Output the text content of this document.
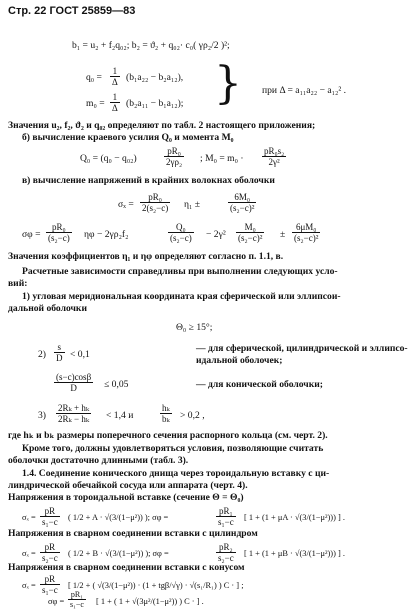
Стр. 22 ГОСТ 25859—83
b₁ = u₂ + f₂q₀₂; b₂ = ϑ₂ + q₀₂· c₀( γρ₂/2 )²;
$q_0 = \frac{1}{\Delta} (b_1a_{22} - b_2a_{12})$,
$m_0 = \frac{1}{\Delta} (b_2a_{11} - b_1a_{12})$; } при Δ = a₁₁a₂₂ − a₁₂² .
Значения u₂, f₂, ϑ₂ и q₀₂ определяют по табл. 2 настоящего приложения;
б) вычисление краевого усилия Q₀ и момента M₀
Q₀ = (q₀ − q₀₂)	$\frac{\text{pR₀}}{\text{2γρ₂}}$ ; $M_0 = m_0 \cdot \frac{\text{pR₀s₂}}{\text{2γ²}}$
в) вычисление напряжений в крайних волокнах оболочки
$\sigma_x = \frac{\text{pR₀}}{\text{2(s₂−c)}} \eta_1$ ±	$\frac{\text{6M₀}}{\text{(s₂−c)²}}$
$\sigma\varphi = \frac{\text{pR₀}}{\text{(s₂−c)}}$ ηφ − 2γρ₂f₂	$\frac{\text{Q₀}}{\text{(s₂−c)}} - 2\gamma^2 \frac{\text{M₀}}{\text{(s₂−c)²}} \pm \frac{\text{6μM₀}}{\text{(s₂−c)²}}$
Значения коэффициентов η₁ и ηφ определяют согласно п. 1.1, в.
Расчетные зависимости справедливы при выполнении следующих усло-
вий:
1) угловая меридиональная координата края сферической или эллипсои-
дальной оболочки
Θ₀ ≥ 15°;
$2) \frac{s}{D} < 0,1$
— для сферической, цилиндрической и эллипсо-
идальной оболочек;
$\frac{(s-c)\cos\beta}{D} \le 0,05$	— для конической оболочки;
$3) \frac{\text{2Rₖ + hₖ}}{\text{2Rₖ − hₖ}} < 1,4$ и	$\frac{\text{hₖ}}{\text{bₖ}} > 0,2$ ,
где hₖ и bₖ размеры поперечного сечения распорного кольца (см. черт. 2).
Кроме того, должны удовлетворяться условия, позволяющие считать
оболочки достаточно длинными (табл. 3).
1.4. Соединение конического днища через тороидальную вставку с ци-
линдрической обечайкой сосуда или аппарата (черт. 4).
Напряжения в тороидальной вставке (сечение Θ = Θ₀)
$\sigma_x = \frac{pR}{\text{s₁−c}}$ ( 1/2 + A · √(3/(1−μ²)) ); σφ =	$\frac{\text{pR₁}}{\text{s₁−c}}$ [ 1 + (1 + μA · √(3/(1−μ²))) ] .
Напряжения в сварном соединении вставки с цилиндром
$\sigma_x = \frac{pR}{\text{s₂−c}}$ ( 1/2 + B · √(3/(1−μ²)) ); σφ =	$\frac{\text{pR₂}}{\text{s₂−c}}$ [ 1 + (1 + μB · √(3/(1−μ²))) ] .
Напряжения в сварном соединении вставки с конусом
$\sigma_x = \frac{pR}{\text{s₁−c}}$ [ 1/2 + ( √(3/(1−μ²)) · (1 + tgβ/√γ) · √(s₁/R₁) ) C · ] ;
$\sigma\varphi = \frac{\text{pR₁}}{\text{s₁−c}}$ [ 1 + ( 1 + √(3μ²/(1−μ²)) ) C · ] .
